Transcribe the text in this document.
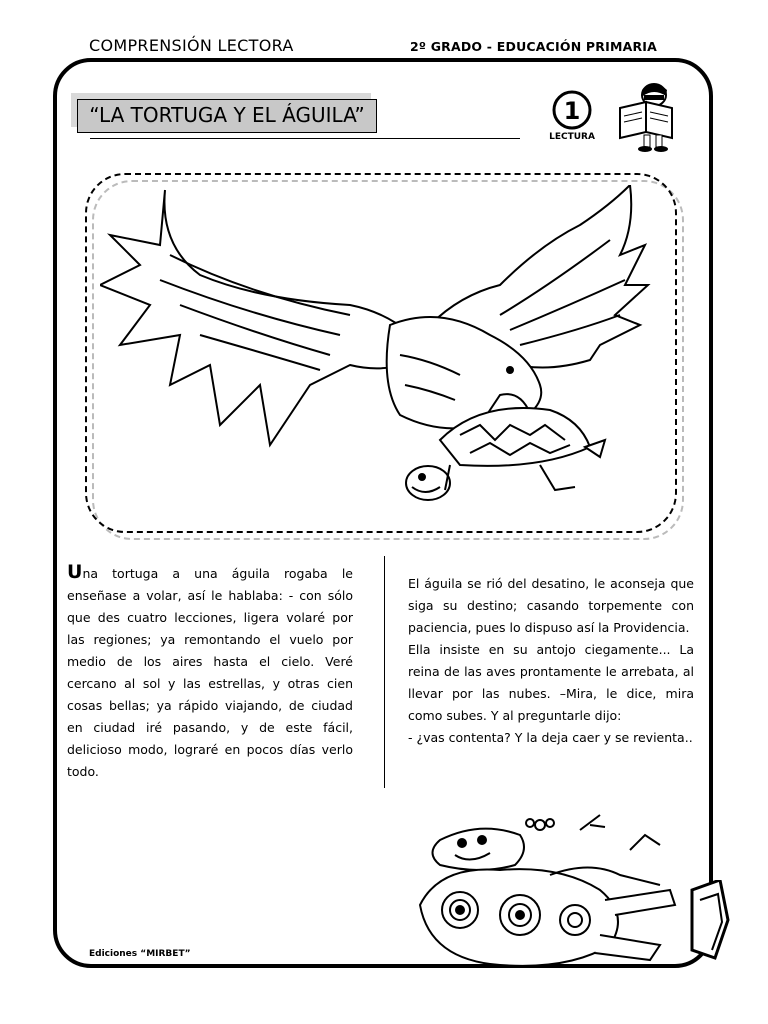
COMPRENSIÓN LECTORA	2º GRADO - EDUCACIÓN PRIMARIA
“LA TORTUGA Y EL ÁGUILA”	1
LECTURA
Una tortuga a una águila rogaba le enseñase a volar, así le hablaba: - con sólo que des cuatro lecciones, ligera volaré por las regiones; ya remontando el vuelo por medio de los aires hasta el cielo. Veré cercano al sol y las estrellas, y otras cien cosas bellas; ya rápido viajando, de ciudad en ciudad iré pasando, y de este fácil, delicioso modo, lograré en pocos días verlo todo.

El águila se rió del desatino, le aconseja que siga su destino; casando torpemente con paciencia, pues lo dispuso así la Providencia.

Ella insiste en su antojo ciegamente... La reina de las aves prontamente le arrebata, al llevar por las nubes. –Mira, le dice, mira como subes. Y al preguntarle dijo:

- ¿vas contenta? Y la deja caer y se revienta..

Ediciones “MIRBET”
